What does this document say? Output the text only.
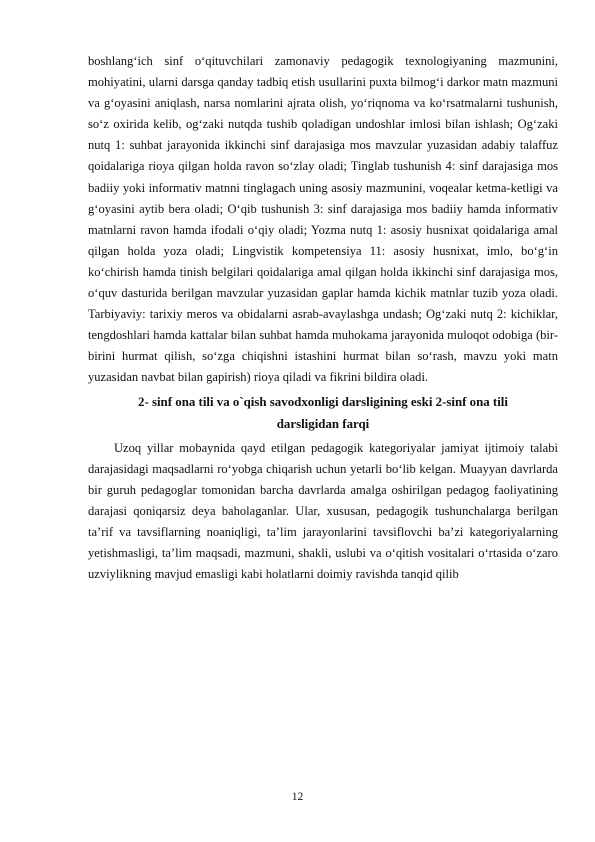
boshlang‘ich sinf o‘qituvchilari zamonaviy pedagogik texnologiyaning mazmunini, mohiyatini, ularni darsga qanday tadbiq etish usullarini puxta bilmog‘i darkor matn mazmuni va g‘oyasini aniqlash, narsa nomlarini ajrata olish, yo‘riqnoma va ko‘rsatmalarni tushunish, so‘z oxirida kelib, og‘zaki nutqda tushib qoladigan undoshlar imlosi bilan ishlash; Og‘zaki nutq 1: suhbat jarayonida ikkinchi sinf darajasiga mos mavzular yuzasidan adabiy talaffuz qoidalariga rioya qilgan holda ravon so‘zlay oladi; Tinglab tushunish 4: sinf darajasiga mos badiiy yoki informativ matnni tinglagach uning asosiy mazmunini, voqealar ketma-ketligi va g‘oyasini aytib bera oladi; O‘qib tushunish 3: sinf darajasiga mos badiiy hamda informativ matnlarni ravon hamda ifodali o‘qiy oladi; Yozma nutq 1: asosiy husnixat qoidalariga amal qilgan holda yoza oladi; Lingvistik kompetensiya 11: asosiy husnixat, imlo, bo‘g‘in ko‘chirish hamda tinish belgilari qoidalariga amal qilgan holda ikkinchi sinf darajasiga mos, o‘quv dasturida berilgan mavzular yuzasidan gaplar hamda kichik matnlar tuzib yoza oladi. Tarbiyaviy: tarixiy meros va obidalarni asrab-avaylashga undash; Og‘zaki nutq 2: kichiklar, tengdoshlari hamda kattalar bilan suhbat hamda muhokama jarayonida muloqot odobiga (bir-birini hurmat qilish, so‘zga chiqishni istashini hurmat bilan so‘rash, mavzu yoki matn yuzasidan navbat bilan gapirish) rioya qiladi va fikrini bildira oladi.

2- sinf ona tili va o`qish savodxonligi darsligining eski 2-sinf ona tili darsligidan farqi

Uzoq yillar mobaynida qayd etilgan pedagogik kategoriyalar jamiyat ijtimoiy talabi darajasidagi maqsadlarni ro‘yobga chiqarish uchun yetarli bo‘lib kelgan. Muayyan davrlarda bir guruh pedagoglar tomonidan barcha davrlarda amalga oshirilgan pedagog faoliyatining darajasi qoniqarsiz deya baholaganlar. Ular, xususan, pedagogik tushunchalarga berilgan ta’rif va tavsiflarning noaniqligi, ta’lim jarayonlarini tavsiflovchi ba’zi kategoriyalarning yetishmasligi, ta’lim maqsadi, mazmuni, shakli, uslubi va o‘qitish vositalari o‘rtasida o‘zaro uzviylikning mavjud emasligi kabi holatlarni doimiy ravishda tanqid qilib

12
